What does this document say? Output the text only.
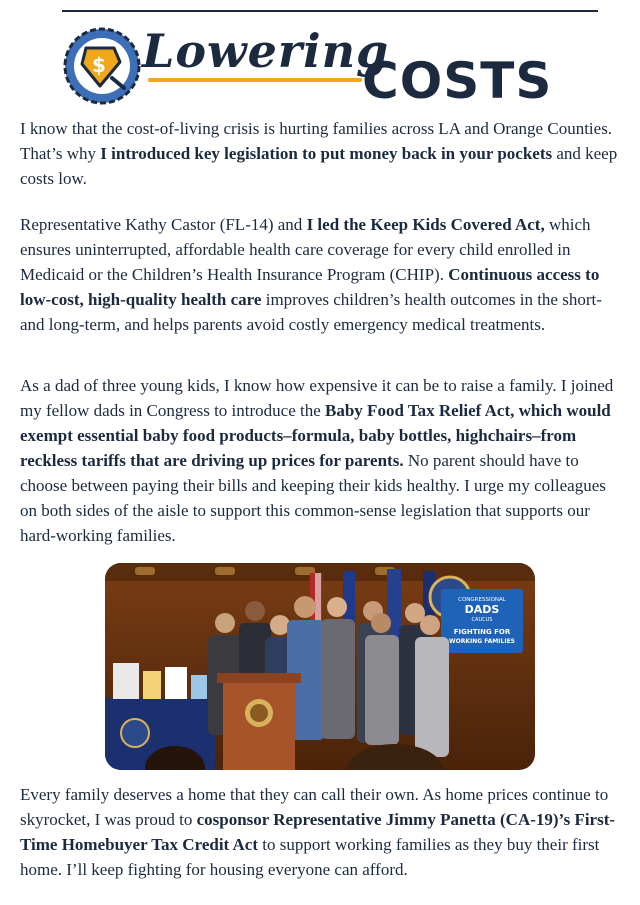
$ Lowering
COSTS

I know that the cost-of-living crisis is hurting families across LA and Orange Counties. That’s why I introduced key legislation to put money back in your pockets and keep costs low.

Representative Kathy Castor (FL-14) and I led the Keep Kids Covered Act, which ensures uninterrupted, affordable health care coverage for every child enrolled in Medicaid or the Children’s Health Insurance Program (CHIP). Continuous access to low-cost, high-quality health care improves children’s health outcomes in the short- and long-term, and helps parents avoid costly emergency medical treatments.

As a dad of three young kids, I know how expensive it can be to raise a family. I joined my fellow dads in Congress to introduce the Baby Food Tax Relief Act, which would exempt essential baby food products–formula, baby bottles, highchairs–from reckless tariffs that are driving up prices for parents. No parent should have to choose between paying their bills and keeping their kids healthy. I urge my colleagues on both sides of the aisle to support this common-sense legislation that supports our hard-working families.

CONGRESSIONAL
DADS
CAUCUS
FIGHTING FOR
WORKING FAMILIES

Every family deserves a home that they can call their own. As home prices continue to skyrocket, I was proud to cosponsor Representative Jimmy Panetta (CA-19)’s First-Time Homebuyer Tax Credit Act to support working families as they buy their first home. I’ll keep fighting for housing everyone can afford.
